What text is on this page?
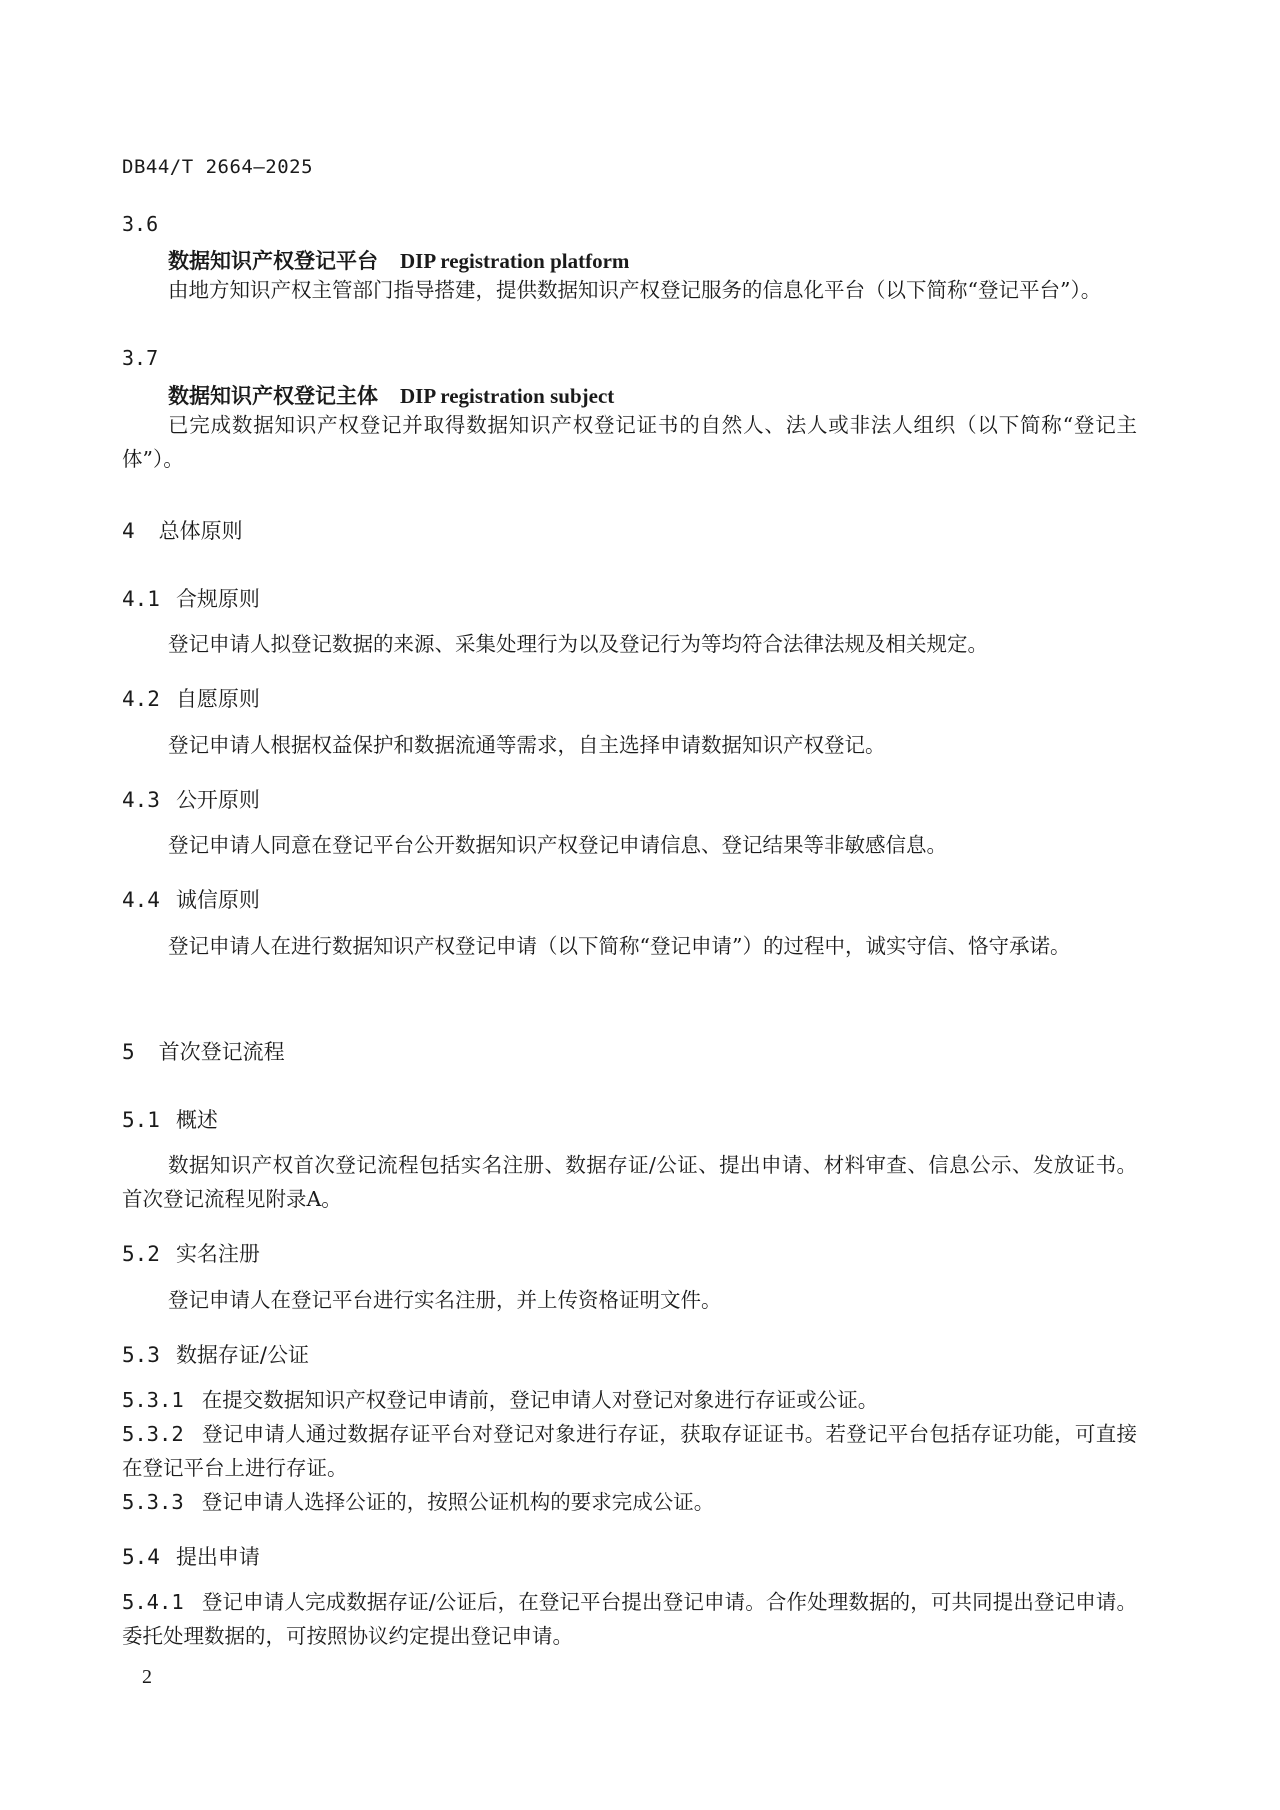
DB44/T 2664—2025
3.6
数据知识产权登记平台 DIP registration platform
由地方知识产权主管部门指导搭建，提供数据知识产权登记服务的信息化平台（以下简称“登记平台”）。
3.7
数据知识产权登记主体 DIP registration subject
已完成数据知识产权登记并取得数据知识产权登记证书的自然人、法人或非法人组织（以下简称“登记主体”）。
4 总体原则
4.1 合规原则
登记申请人拟登记数据的来源、采集处理行为以及登记行为等均符合法律法规及相关规定。
4.2 自愿原则
登记申请人根据权益保护和数据流通等需求，自主选择申请数据知识产权登记。
4.3 公开原则
登记申请人同意在登记平台公开数据知识产权登记申请信息、登记结果等非敏感信息。
4.4 诚信原则
登记申请人在进行数据知识产权登记申请（以下简称“登记申请”）的过程中，诚实守信、恪守承诺。
5 首次登记流程
5.1 概述
数据知识产权首次登记流程包括实名注册、数据存证/公证、提出申请、材料审查、信息公示、发放证书。首次登记流程见附录A。
5.2 实名注册
登记申请人在登记平台进行实名注册，并上传资格证明文件。
5.3 数据存证/公证
5.3.1 在提交数据知识产权登记申请前，登记申请人对登记对象进行存证或公证。
5.3.2 登记申请人通过数据存证平台对登记对象进行存证，获取存证证书。若登记平台包括存证功能，可直接在登记平台上进行存证。
5.3.3 登记申请人选择公证的，按照公证机构的要求完成公证。
5.4 提出申请
5.4.1 登记申请人完成数据存证/公证后，在登记平台提出登记申请。合作处理数据的，可共同提出登记申请。委托处理数据的，可按照协议约定提出登记申请。
2
